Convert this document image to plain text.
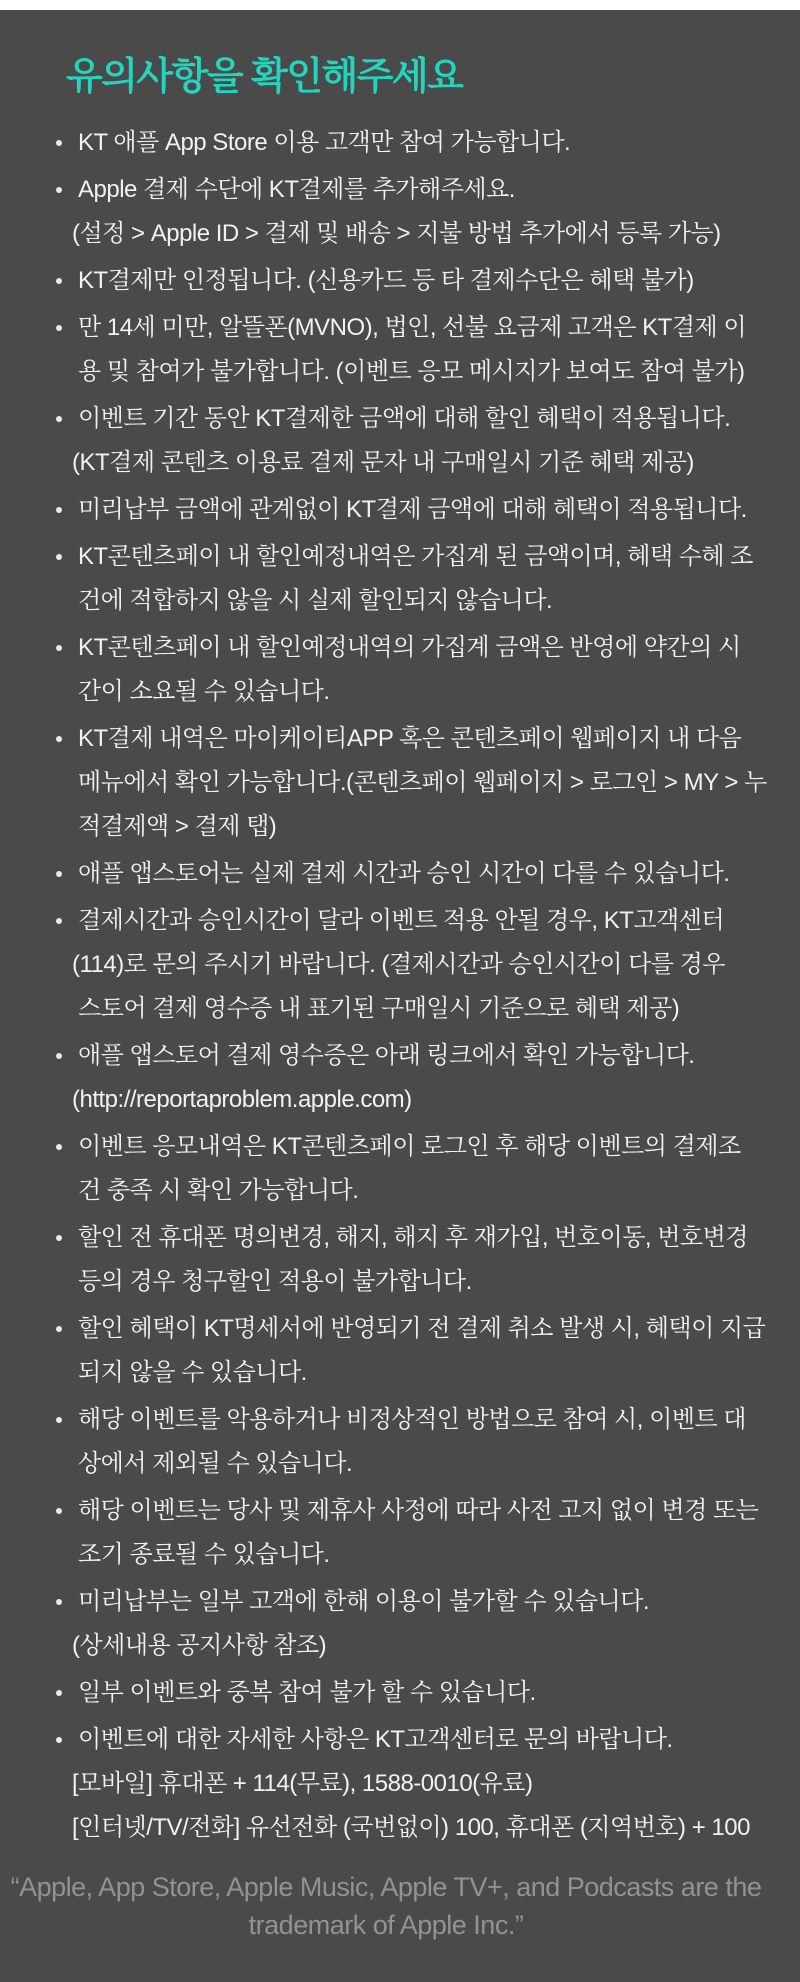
유의사항을 확인해주세요
KT 애플 App Store 이용 고객만 참여 가능합니다.
Apple 결제 수단에 KT결제를 추가해주세요.
(설정 > Apple ID > 결제 및 배송 > 지불 방법 추가에서 등록 가능)
KT결제만 인정됩니다. (신용카드 등 타 결제수단은 혜택 불가)
만 14세 미만, 알뜰폰(MVNO), 법인, 선불 요금제 고객은 KT결제 이
용 및 참여가 불가합니다. (이벤트 응모 메시지가 보여도 참여 불가)
이벤트 기간 동안 KT결제한 금액에 대해 할인 혜택이 적용됩니다.
(KT결제 콘텐츠 이용료 결제 문자 내 구매일시 기준 혜택 제공)
미리납부 금액에 관계없이 KT결제 금액에 대해 혜택이 적용됩니다.
KT콘텐츠페이 내 할인예정내역은 가집계 된 금액이며, 혜택 수혜 조
건에 적합하지 않을 시 실제 할인되지 않습니다.
KT콘텐츠페이 내 할인예정내역의 가집계 금액은 반영에 약간의 시
간이 소요될 수 있습니다.
KT결제 내역은 마이케이티APP 혹은 콘텐츠페이 웹페이지 내 다음
메뉴에서 확인 가능합니다.(콘텐츠페이 웹페이지 > 로그인 > MY > 누
적결제액 > 결제 탭)
애플 앱스토어는 실제 결제 시간과 승인 시간이 다를 수 있습니다.
결제시간과 승인시간이 달라 이벤트 적용 안될 경우, KT고객센터
(114)로 문의 주시기 바랍니다. (결제시간과 승인시간이 다를 경우
스토어 결제 영수증 내 표기된 구매일시 기준으로 혜택 제공)
애플 앱스토어 결제 영수증은 아래 링크에서 확인 가능합니다.
(http://reportaproblem.apple.com)
이벤트 응모내역은 KT콘텐츠페이 로그인 후 해당 이벤트의 결제조
건 충족 시 확인 가능합니다.
할인 전 휴대폰 명의변경, 해지, 해지 후 재가입, 번호이동, 번호변경
등의 경우 청구할인 적용이 불가합니다.
할인 혜택이 KT명세서에 반영되기 전 결제 취소 발생 시, 혜택이 지급
되지 않을 수 있습니다.
해당 이벤트를 악용하거나 비정상적인 방법으로 참여 시, 이벤트 대
상에서 제외될 수 있습니다.
해당 이벤트는 당사 및 제휴사 사정에 따라 사전 고지 없이 변경 또는
조기 종료될 수 있습니다.
미리납부는 일부 고객에 한해 이용이 불가할 수 있습니다.
(상세내용 공지사항 참조)
일부 이벤트와 중복 참여 불가 할 수 있습니다.
이벤트에 대한 자세한 사항은 KT고객센터로 문의 바랍니다.
[모바일] 휴대폰 + 114(무료), 1588-0010(유료)
[인터넷/TV/전화] 유선전화 (국번없이) 100, 휴대폰 (지역번호) + 100

“Apple, App Store, Apple Music, Apple TV+, and Podcasts are the
trademark of Apple Inc.”
